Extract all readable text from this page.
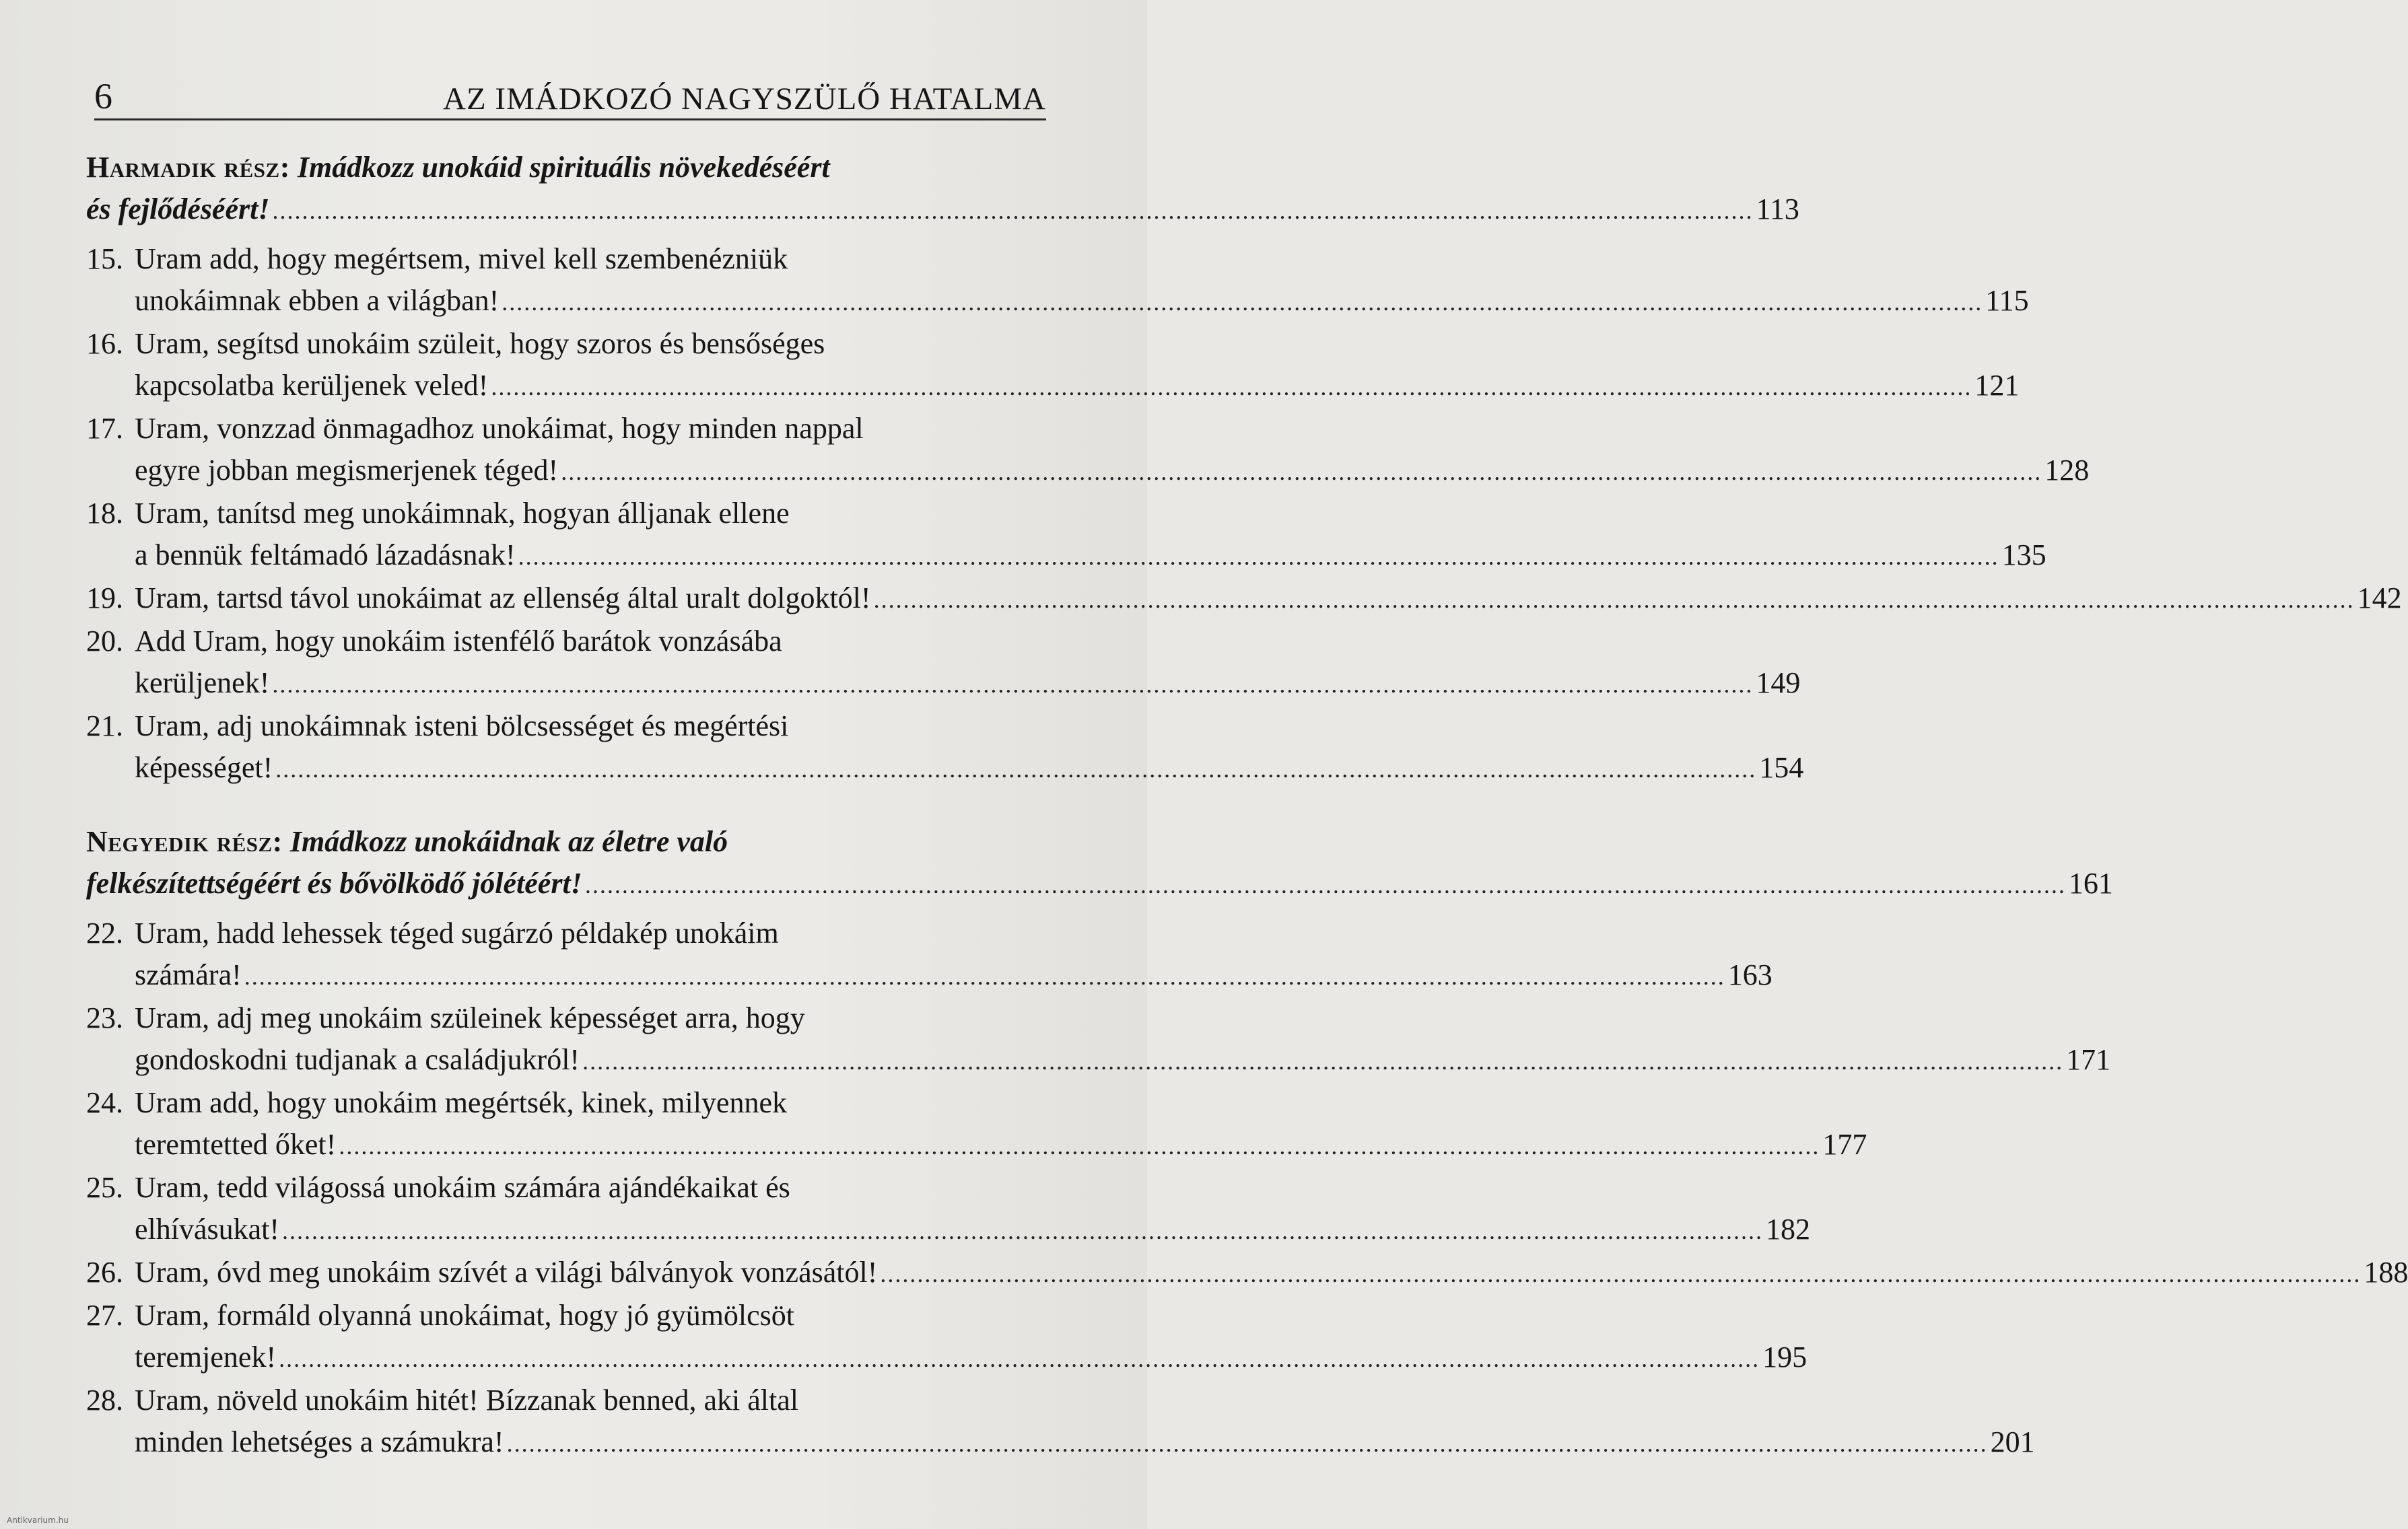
6	AZ IMÁDKOZÓ NAGYSZÜLŐ HATALMA
Harmadik rész: Imádkozz unokáid spirituális növekedéséért
és fejlődéséért! .....	113
15. Uram add, hogy megértsem, mivel kell szembenézniük
unokáimnak ebben a világban! .....	115
16. Uram, segítsd unokáim szüleit, hogy szoros és bensőséges
kapcsolatba kerüljenek veled! .....	121
17. Uram, vonzzad önmagadhoz unokáimat, hogy minden nappal
egyre jobban megismerjenek téged! .....	128
18. Uram, tanítsd meg unokáimnak, hogyan álljanak ellene
a bennük feltámadó lázadásnak! .....	135
19. Uram, tartsd távol unokáimat az ellenség által uralt dolgoktól! .....	142
20. Add Uram, hogy unokáim istenfélő barátok vonzásába
kerüljenek! .....	149
21. Uram, adj unokáimnak isteni bölcsességet és megértési
képességet! .....	154
Negyedik rész: Imádkozz unokáidnak az életre való
felkészítettségéért és bővölködő jólétéért! .....	161
22. Uram, hadd lehessek téged sugárzó példakép unokáim
számára! .....	163
23. Uram, adj meg unokáim szüleinek képességet arra, hogy
gondoskodni tudjanak a családjukról! .....	171
24. Uram add, hogy unokáim megértsék, kinek, milyennek
teremtetted őket! .....	177
25. Uram, tedd világossá unokáim számára ajándékaikat és
elhívásukat! .....	182
26. Uram, óvd meg unokáim szívét a világi bálványok vonzásától! .....	188
27. Uram, formáld olyanná unokáimat, hogy jó gyümölcsöt
teremjenek! .....	195
28. Uram, növeld unokáim hitét! Bízzanak benned, aki által
minden lehetséges a számukra! .....	201
Antikvarium.hu
